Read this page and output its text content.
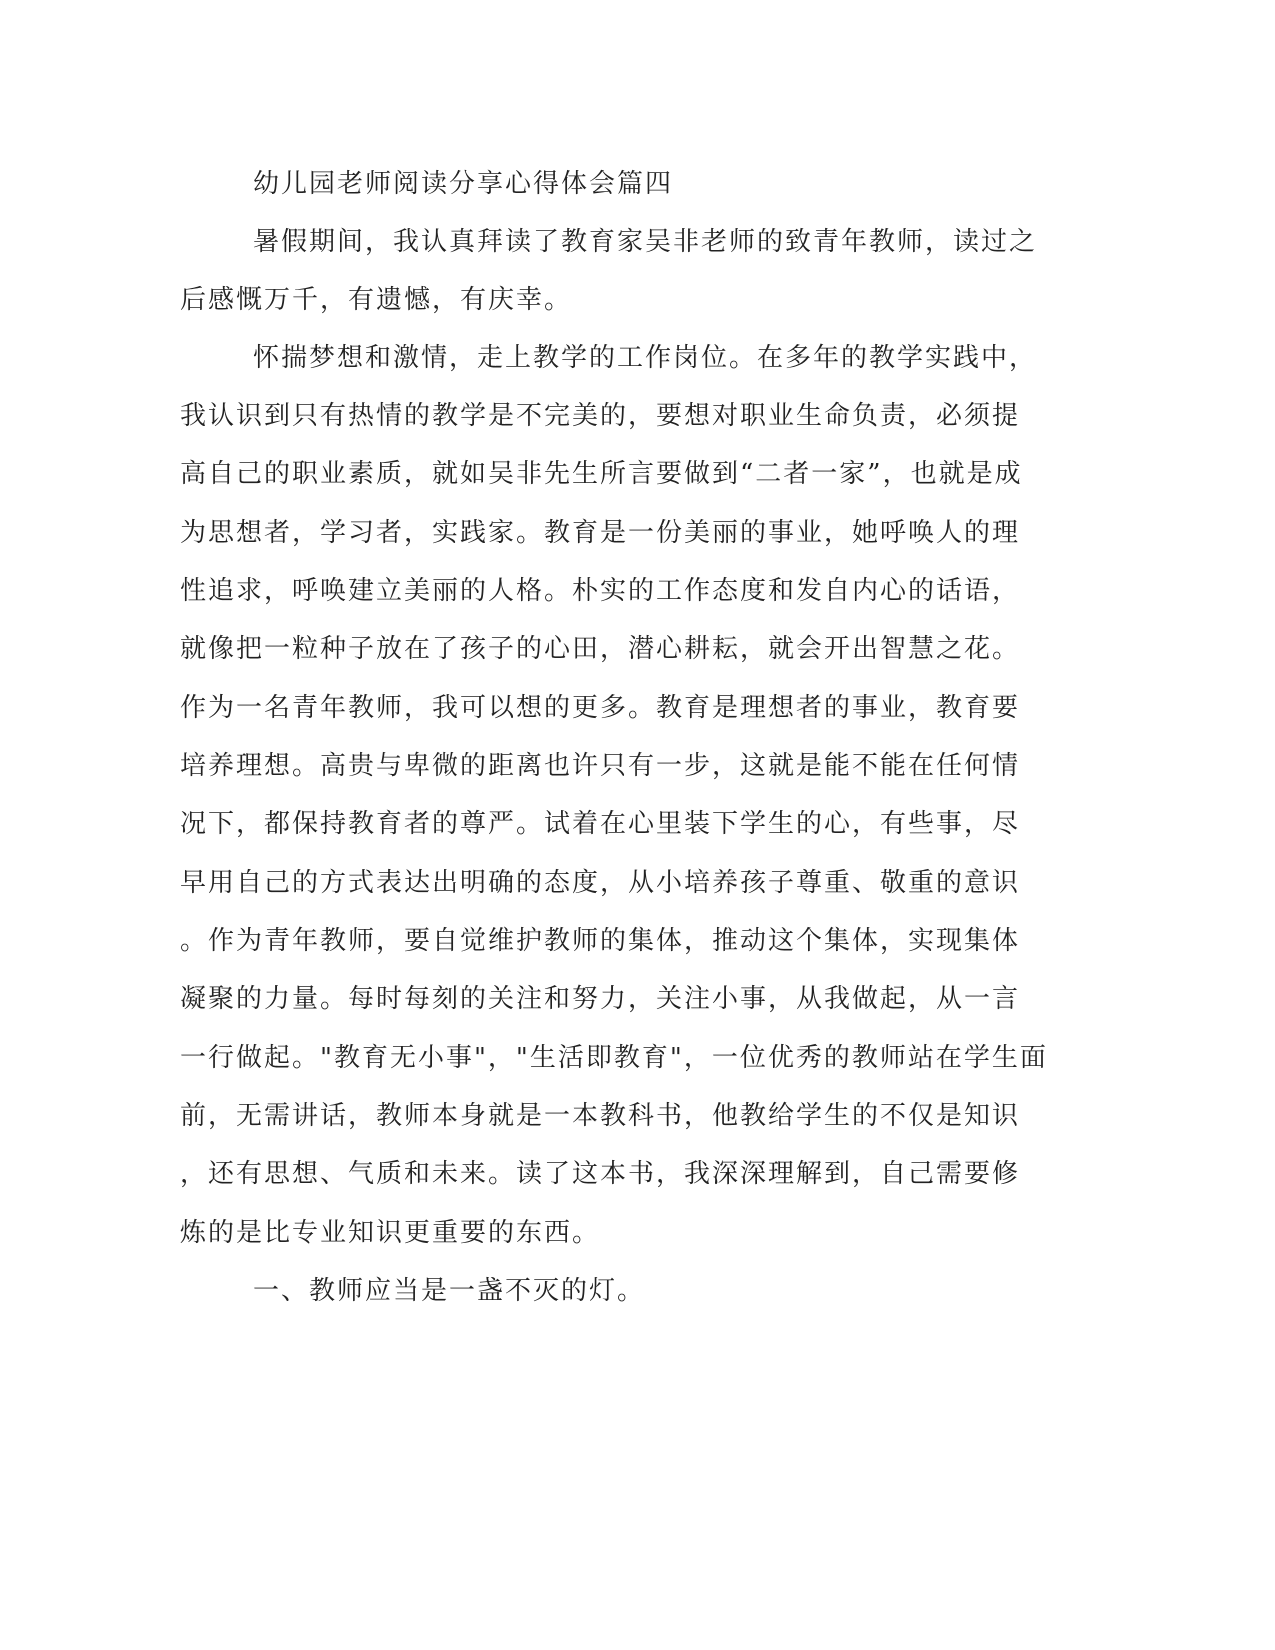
幼儿园老师阅读分享心得体会篇四
暑假期间，我认真拜读了教育家吴非老师的致青年教师，读过之
后感慨万千，有遗憾，有庆幸。
怀揣梦想和激情，走上教学的工作岗位。在多年的教学实践中，
我认识到只有热情的教学是不完美的，要想对职业生命负责，必须提
高自己的职业素质，就如吴非先生所言要做到“二者一家”，也就是成
为思想者，学习者，实践家。教育是一份美丽的事业，她呼唤人的理
性追求，呼唤建立美丽的人格。朴实的工作态度和发自内心的话语，
就像把一粒种子放在了孩子的心田，潜心耕耘，就会开出智慧之花。
作为一名青年教师，我可以想的更多。教育是理想者的事业，教育要
培养理想。高贵与卑微的距离也许只有一步，这就是能不能在任何情
况下，都保持教育者的尊严。试着在心里装下学生的心，有些事，尽
早用自己的方式表达出明确的态度，从小培养孩子尊重、敬重的意识
。作为青年教师，要自觉维护教师的集体，推动这个集体，实现集体
凝聚的力量。每时每刻的关注和努力，关注小事，从我做起，从一言
一行做起。"教育无小事"，"生活即教育"，一位优秀的教师站在学生面
前，无需讲话，教师本身就是一本教科书，他教给学生的不仅是知识
，还有思想、气质和未来。读了这本书，我深深理解到，自己需要修
炼的是比专业知识更重要的东西。
一、教师应当是一盏不灭的灯。
